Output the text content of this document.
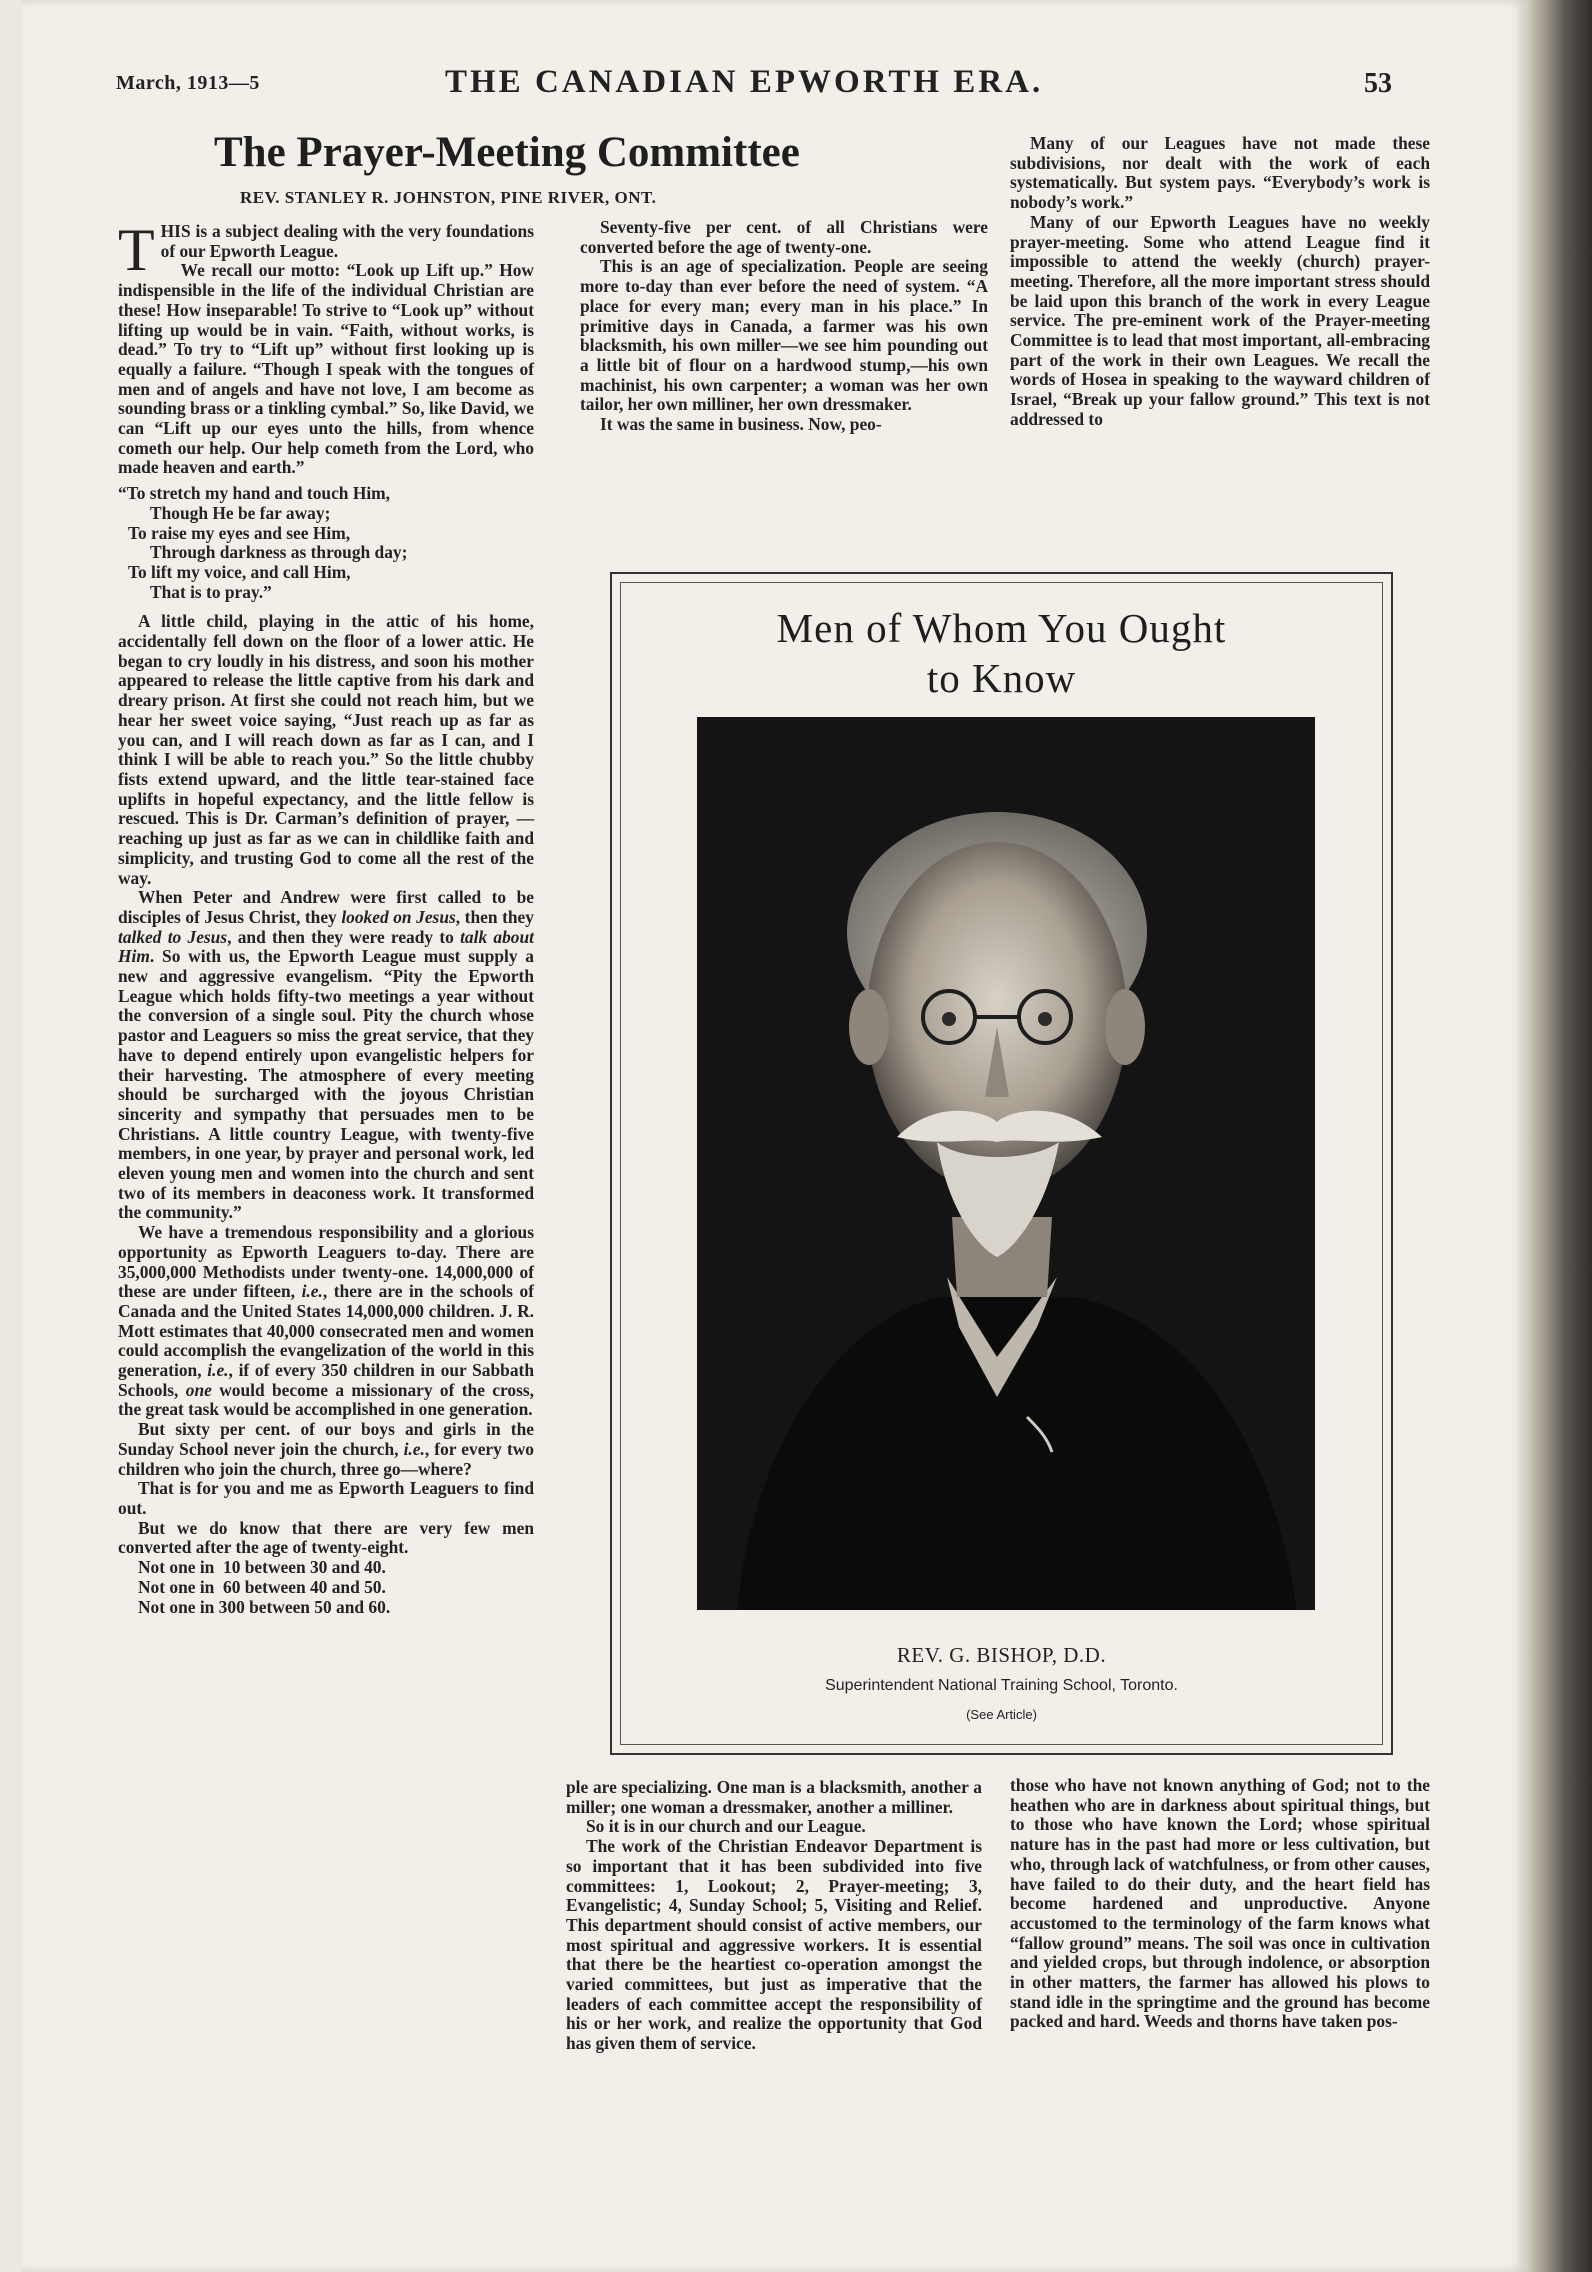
March, 1913—5	THE CANADIAN EPWORTH ERA.	53
The Prayer-Meeting Committee
REV. STANLEY R. JOHNSTON, PINE RIVER, ONT.

THIS is a subject dealing with the very foundations of our Epworth League.

We recall our motto: “Look up Lift up.” How indispensible in the life of the individual Christian are these! How inseparable! To strive to “Look up” without lifting up would be in vain. “Faith, without works, is dead.” To try to “Lift up” without first looking up is equally a failure. “Though I speak with the tongues of men and of angels and have not love, I am become as sounding brass or a tinkling cymbal.” So, like David, we can “Lift up our eyes unto the hills, from whence cometh our help. Our help cometh from the Lord, who made heaven and earth.”

“To stretch my hand and touch Him,
Though He be far away;
To raise my eyes and see Him,
Through darkness as through day;
To lift my voice, and call Him,
That is to pray.”

A little child, playing in the attic of his home, accidentally fell down on the floor of a lower attic. He began to cry loudly in his distress, and soon his mother appeared to release the little captive from his dark and dreary prison. At first she could not reach him, but we hear her sweet voice saying, “Just reach up as far as you can, and I will reach down as far as I can, and I think I will be able to reach you.” So the little chubby fists extend upward, and the little tear-stained face uplifts in hopeful expectancy, and the little fellow is rescued. This is Dr. Carman’s definition of prayer, —reaching up just as far as we can in childlike faith and simplicity, and trusting God to come all the rest of the way.

When Peter and Andrew were first called to be disciples of Jesus Christ, they looked on Jesus, then they talked to Jesus, and then they were ready to talk about Him. So with us, the Epworth League must supply a new and aggressive evangelism. “Pity the Epworth League which holds fifty-two meetings a year without the conversion of a single soul. Pity the church whose pastor and Leaguers so miss the great service, that they have to depend entirely upon evangelistic helpers for their harvesting. The atmosphere of every meeting should be surcharged with the joyous Christian sincerity and sympathy that persuades men to be Christians. A little country League, with twenty-five members, in one year, by prayer and personal work, led eleven young men and women into the church and sent two of its members in deaconess work. It transformed the community.”

We have a tremendous responsibility and a glorious opportunity as Epworth Leaguers to-day. There are 35,000,000 Methodists under twenty-one. 14,000,000 of these are under fifteen, i.e., there are in the schools of Canada and the United States 14,000,000 children. J. R. Mott estimates that 40,000 consecrated men and women could accomplish the evangelization of the world in this generation, i.e., if of every 350 children in our Sabbath Schools, one would become a missionary of the cross, the great task would be accomplished in one generation.

But sixty per cent. of our boys and girls in the Sunday School never join the church, i.e., for every two children who join the church, three go—where?

That is for you and me as Epworth Leaguers to find out.

But we do know that there are very few men converted after the age of twenty-eight.

Not one in  10 between 30 and 40.
Not one in  60 between 40 and 50.
Not one in 300 between 50 and 60.

Seventy-five per cent. of all Christians were converted before the age of twenty-one.

This is an age of specialization. People are seeing more to-day than ever before the need of system. “A place for every man; every man in his place.” In primitive days in Canada, a farmer was his own blacksmith, his own miller—we see him pounding out a little bit of flour on a hardwood stump,—his own machinist, his own carpenter; a woman was her own tailor, her own milliner, her own dressmaker.

It was the same in business. Now, peo-

Many of our Leagues have not made these subdivisions, nor dealt with the work of each systematically. But system pays. “Everybody’s work is nobody’s work.”

Many of our Epworth Leagues have no weekly prayer-meeting. Some who attend League find it impossible to attend the weekly (church) prayer-meeting. Therefore, all the more important stress should be laid upon this branch of the work in every League service. The pre-eminent work of the Prayer-meeting Committee is to lead that most important, all-embracing part of the work in their own Leagues. We recall the words of Hosea in speaking to the wayward children of Israel, “Break up your fallow ground.” This text is not addressed to

Men of Whom You Ought
to Know
REV. G. BISHOP, D.D.
Superintendent National Training School, Toronto.
(See Article)

ple are specializing. One man is a blacksmith, another a miller; one woman a dressmaker, another a milliner.

So it is in our church and our League.

The work of the Christian Endeavor Department is so important that it has been subdivided into five committees: 1, Lookout; 2, Prayer-meeting; 3, Evangelistic; 4, Sunday School; 5, Visiting and Relief. This department should consist of active members, our most spiritual and aggressive workers. It is essential that there be the heartiest co-operation amongst the varied committees, but just as imperative that the leaders of each committee accept the responsibility of his or her work, and realize the opportunity that God has given them of service.

those who have not known anything of God; not to the heathen who are in darkness about spiritual things, but to those who have known the Lord; whose spiritual nature has in the past had more or less cultivation, but who, through lack of watchfulness, or from other causes, have failed to do their duty, and the heart field has become hardened and unproductive. Anyone accustomed to the terminology of the farm knows what “fallow ground” means. The soil was once in cultivation and yielded crops, but through indolence, or absorption in other matters, the farmer has allowed his plows to stand idle in the springtime and the ground has become packed and hard. Weeds and thorns have taken pos-
